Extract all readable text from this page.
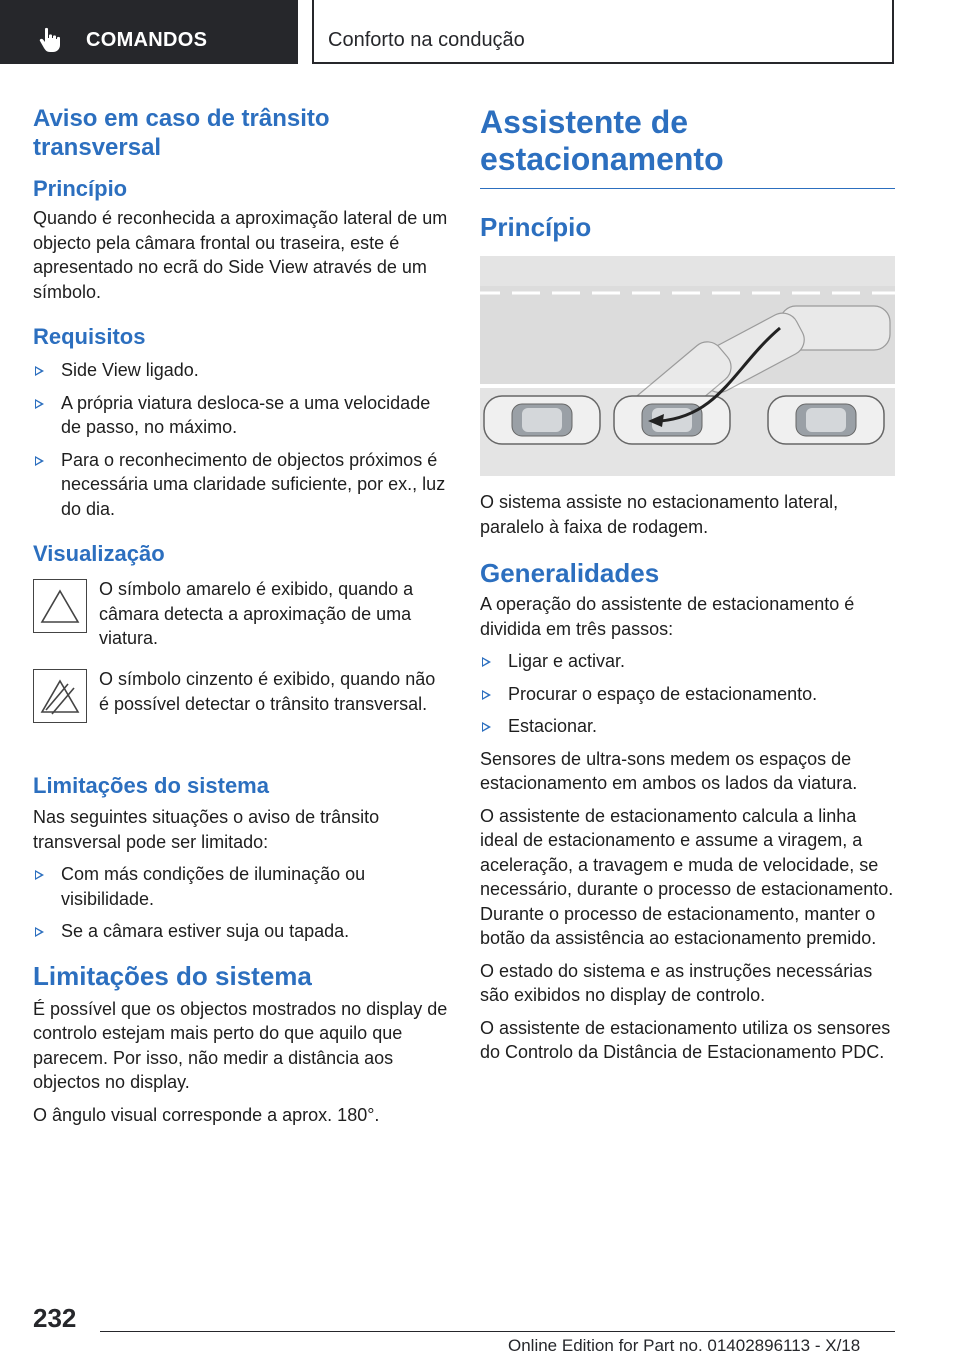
COMANDOS	Conforto na condução
Aviso em caso de trânsito transversal
Princípio

Quando é reconhecida a aproximação lateral de um objecto pela câmara frontal ou traseira, este é apresentado no ecrã do Side View através de um símbolo.

Requisitos
Side View ligado.
A própria viatura desloca-se a uma velocidade de passo, no máximo.
Para o reconhecimento de objectos próximos é necessária uma claridade suficiente, por ex., luz do dia.
Visualização

O símbolo amarelo é exibido, quando a câmara detecta a aproximação de uma viatura.

O símbolo cinzento é exibido, quando não é possível detectar o trânsito transversal.

Limitações do sistema

Nas seguintes situações o aviso de trânsito transversal pode ser limitado:

Com más condições de iluminação ou visibilidade.
Se a câmara estiver suja ou tapada.
Limitações do sistema

É possível que os objectos mostrados no display de controlo estejam mais perto do que aquilo que parecem. Por isso, não medir a distância aos objectos no display.

O ângulo visual corresponde a aprox. 180°.

Assistente de estacionamento
Princípio

O sistema assiste no estacionamento lateral, paralelo à faixa de rodagem.

Generalidades

A operação do assistente de estacionamento é dividida em três passos:

Ligar e activar.
Procurar o espaço de estacionamento.
Estacionar.

Sensores de ultra-sons medem os espaços de estacionamento em ambos os lados da viatura.

O assistente de estacionamento calcula a linha ideal de estacionamento e assume a viragem, a aceleração, a travagem e muda de velocidade, se necessário, durante o processo de estacionamento. Durante o processo de estacionamento, manter o botão da assistência ao estacionamento premido.

O estado do sistema e as instruções necessárias são exibidos no display de controlo.

O assistente de estacionamento utiliza os sensores do Controlo da Distância de Estacionamento PDC.

232
Online Edition for Part no. 01402896113 - X/18
